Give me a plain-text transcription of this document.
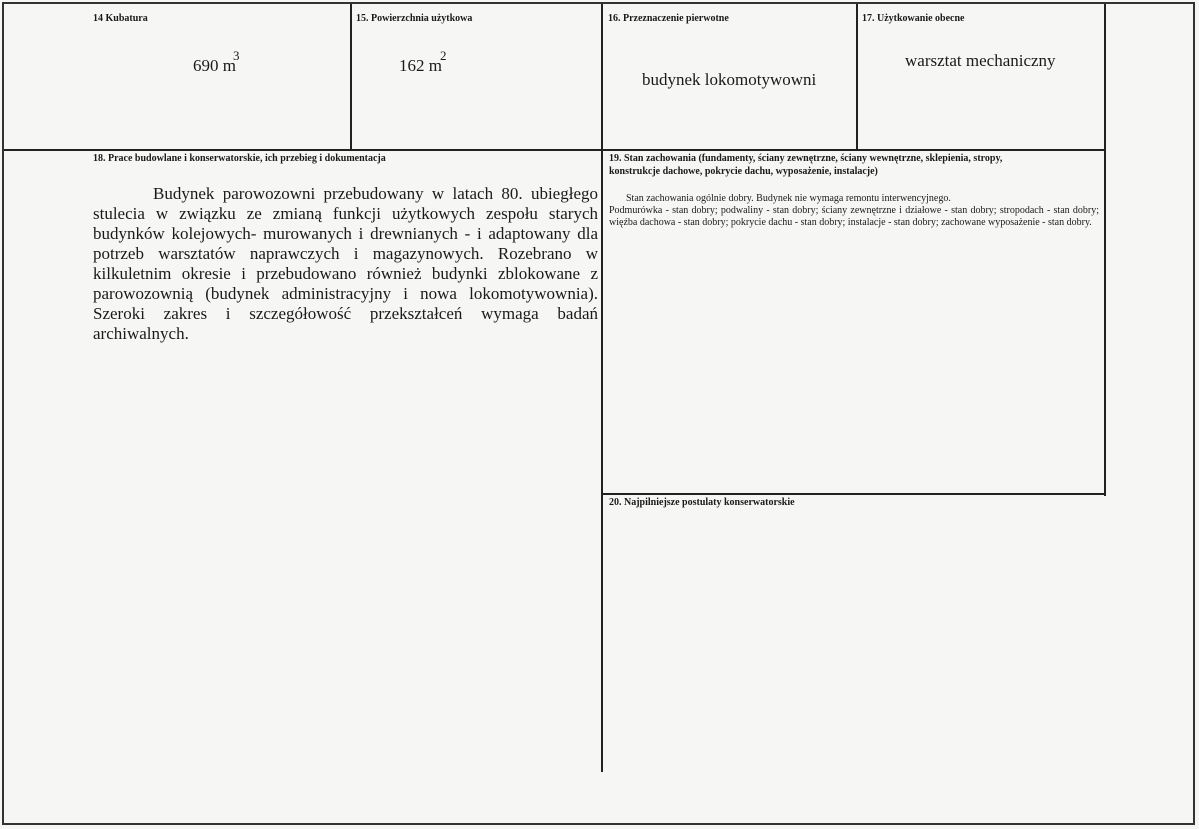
14 Kubatura
690 m
3
15. Powierzchnia użytkowa
162 m
2
16. Przeznaczenie pierwotne
budynek lokomotywowni
17. Użytkowanie obecne
warsztat mechaniczny
18. Prace budowlane i konserwatorskie, ich przebieg i dokumentacja

Budynek parowozowni przebudowany w latach 80. ubiegłego stulecia w związku ze zmianą funkcji użytkowych zespołu starych budynków kolejowych- murowanych i drewnianych - i adaptowany dla potrzeb warsztatów naprawczych i magazynowych. Rozebrano w kilkuletnim okresie i przebudowano również budynki zblokowane z parowozownią (budynek administracyjny i nowa lokomotywownia). Szeroki zakres i szczegółowość przekształceń wymaga badań archiwalnych.

19. Stan zachowania (fundamenty, ściany zewnętrzne, ściany wewnętrzne, sklepienia, stropy,
konstrukcje dachowe, pokrycie dachu, wyposażenie, instalacje)

Stan zachowania ogólnie dobry. Budynek nie wymaga remontu interwencyjnego.

Podmurówka - stan dobry; podwaliny - stan dobry; ściany zewnętrzne i działowe - stan dobry; stropodach - stan dobry; więźba dachowa - stan dobry; pokrycie dachu - stan dobry; instalacje - stan dobry; zachowane wyposażenie - stan dobry.

20. Najpilniejsze postulaty konserwatorskie
